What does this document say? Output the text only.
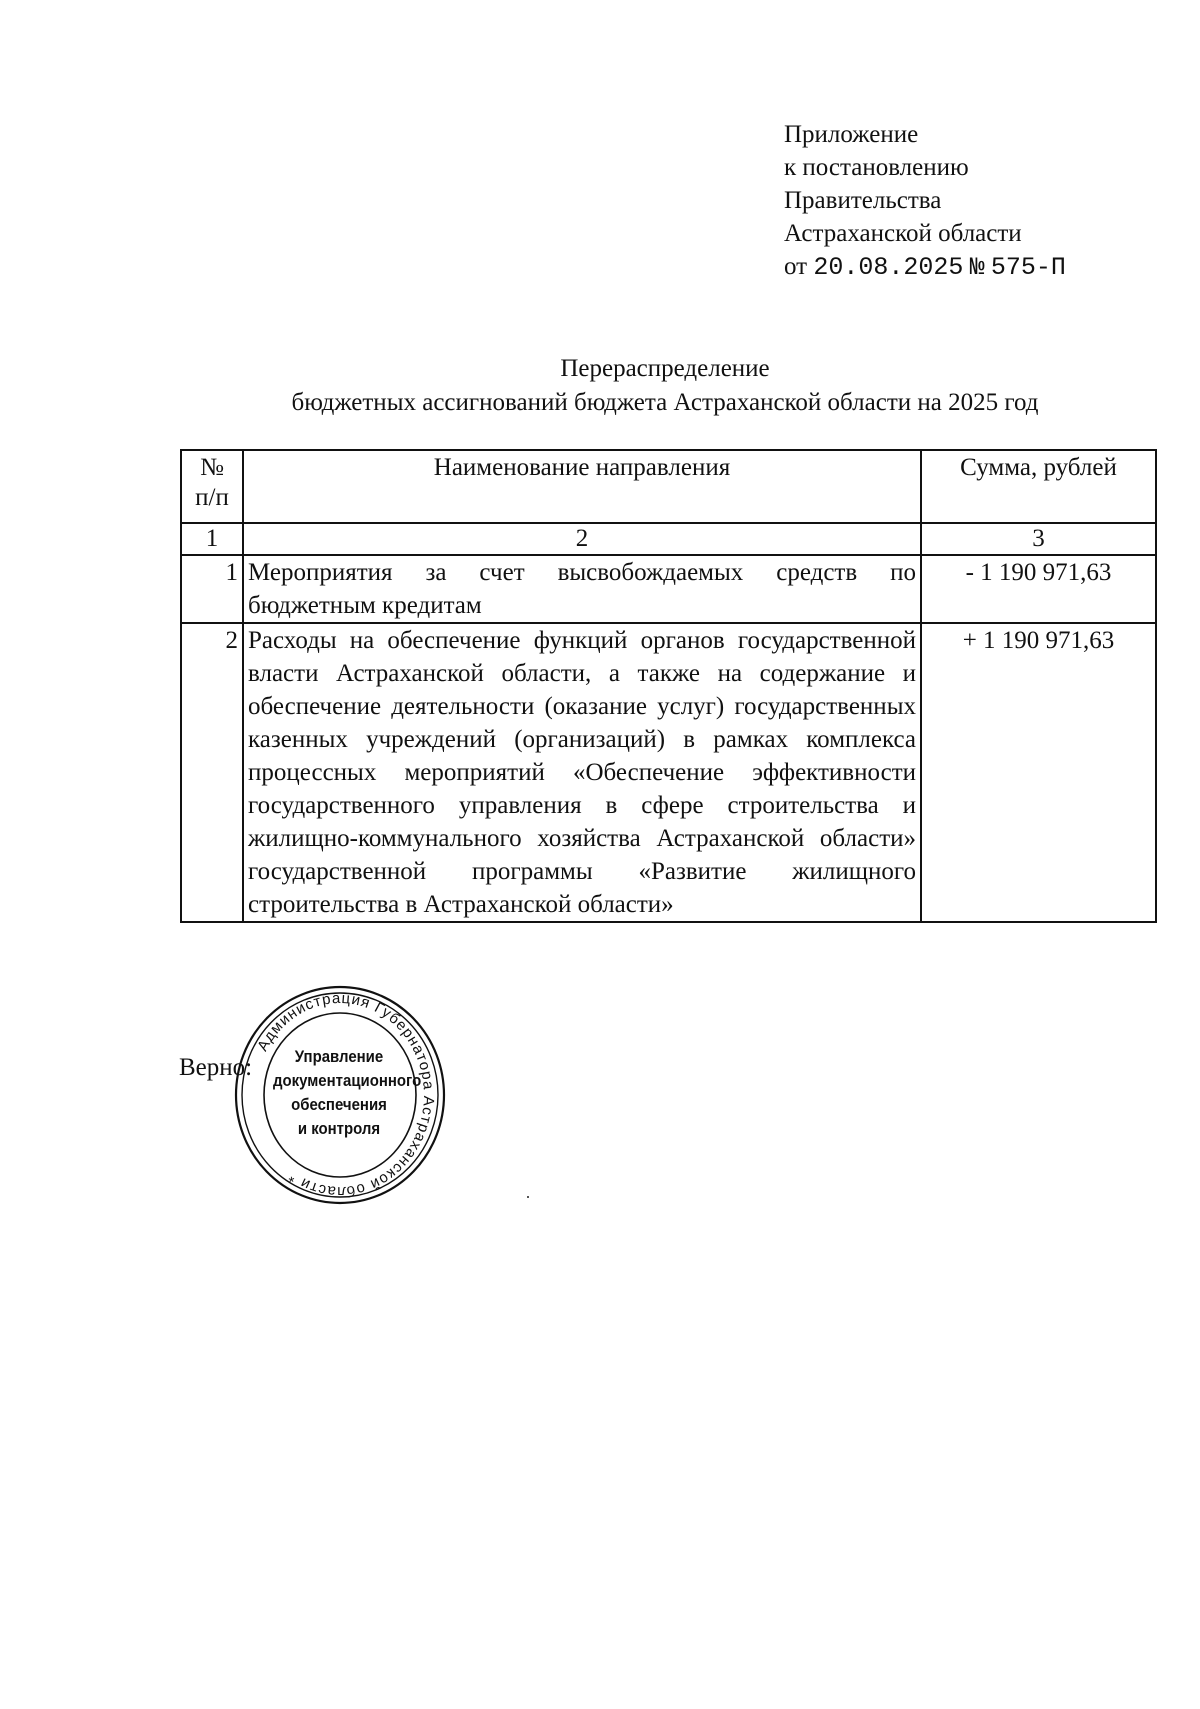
Приложение
к постановлению
Правительства
Астраханской области
от 20.08.2025 № 575-П
Перераспределение
бюджетных ассигнований бюджета Астраханской области на 2025 год
№
п/п	Наименование направления	Сумма, рублей
1	2	3
1	Мероприятия за счет высвобождаемых средств по бюджетным кредитам	- 1 190 971,63
2	Расходы на обеспечение функций органов государственной власти Астраханской области, а также на содержание и обеспечение деятельности (оказание услуг) государственных казенных учреждений (организаций) в рамках комплекса процессных мероприятий «Обеспечение эффективности государственного управления в сфере строительства и жилищно-коммунального хозяйства Астраханской области» государственной программы «Развитие жилищного строительства в Астраханской области»	+ 1 190 971,63
Верно:
Администрация Губернатора Астраханской области *
Управление
документационного
обеспечения
и контроля
